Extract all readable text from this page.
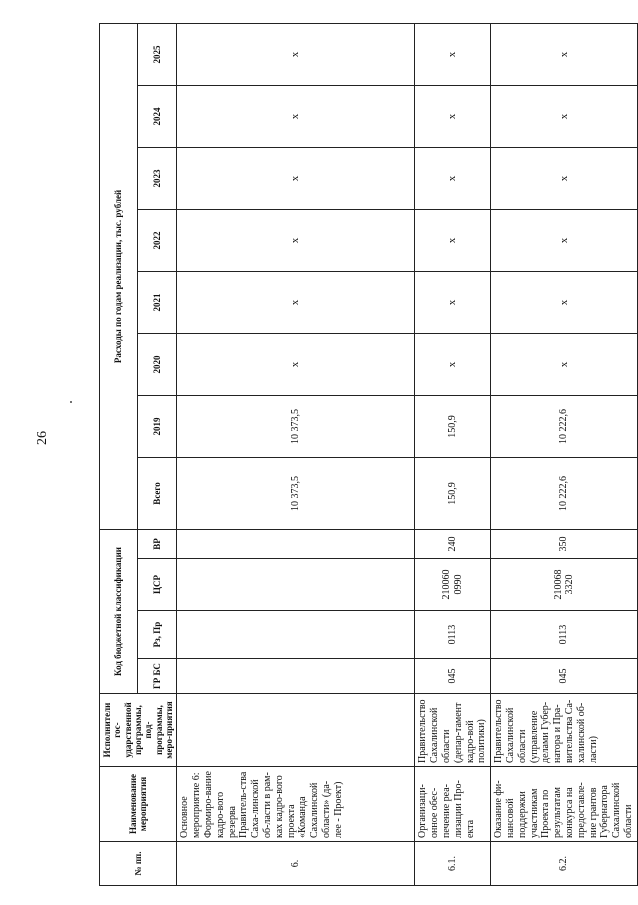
26
№ пп.	Наименование мероприятия	Исполнители гос-ударственной программы, под-программы, меро-приятия	Код бюджетной классификации				Расходы по годам реализации, тыс. рублей							
			ГР БС	Рз, Пр	ЦСР	ВР	Всего	2019	2020	2021	2022	2023	2024	2025
6.	Основное мероприятие 6: Формиро-вание кадро-вого резерва Правитель-ства Саха-линской об-ласти в рам-ках кадро-вого проекта «Команда Сахалинской области» (да-лее - Проект)						10 373,5	10 373,5	х	х	х	х	х	х
6.1.	Организаци-онное обес-печение реа-лизации Про-екта	Правительство Сахалинской области (депар-тамент кадро-вой политики)	045	0113	210060 0990	240	150,9	150,9	х	х	х	х	х	х
6.2.	Оказание фи-нансовой поддержки участникам Проекта по результатам конкурса на предоставле-ние грантов Губернатора Сахалинской области	Правительство Сахалинской области (управление делами Губер-натора и Пра-вительства Са-халинской об-ласти)	045	0113	210068 3320	350	10 222,6	10 222,6	х	х	х	х	х	х
